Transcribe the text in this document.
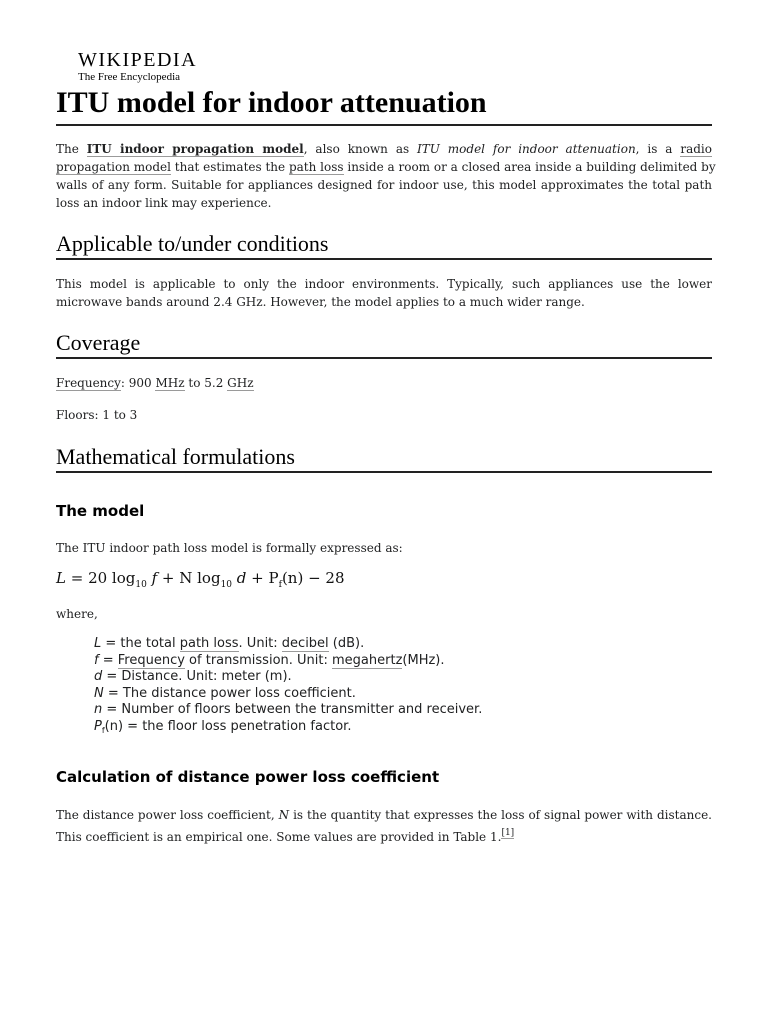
WIKIPEDIA
The Free Encyclopedia
ITU model for indoor attenuation
The ITU indoor propagation model, also known as ITU model for indoor attenuation, is a radio
propagation model that estimates the path loss inside a room or a closed area inside a building delimited by
walls of any form. Suitable for appliances designed for indoor use, this model approximates the total path
loss an indoor link may experience.
Applicable to/under conditions
This model is applicable to only the indoor environments. Typically, such appliances use the lower
microwave bands around 2.4 GHz. However, the model applies to a much wider range.
Coverage
Frequency: 900 MHz to 5.2 GHz
Floors: 1 to 3
Mathematical formulations
The model
The ITU indoor path loss model is formally expressed as:
L = 20 $\log_{10} f + N$ $\log_{10} d + P_f(n) - 28$
where,
L = the total path loss. Unit: decibel (dB).
f = Frequency of transmission. Unit: megahertz(MHz).
d = Distance. Unit: meter (m).
N = The distance power loss coefficient.
n = Number of floors between the transmitter and receiver.
$P_f(n)$ = the floor loss penetration factor.
Calculation of distance power loss coefficient
The distance power loss coefficient, N is the quantity that expresses the loss of signal power with distance.
This coefficient is an empirical one. Some values are provided in Table 1.[1]
